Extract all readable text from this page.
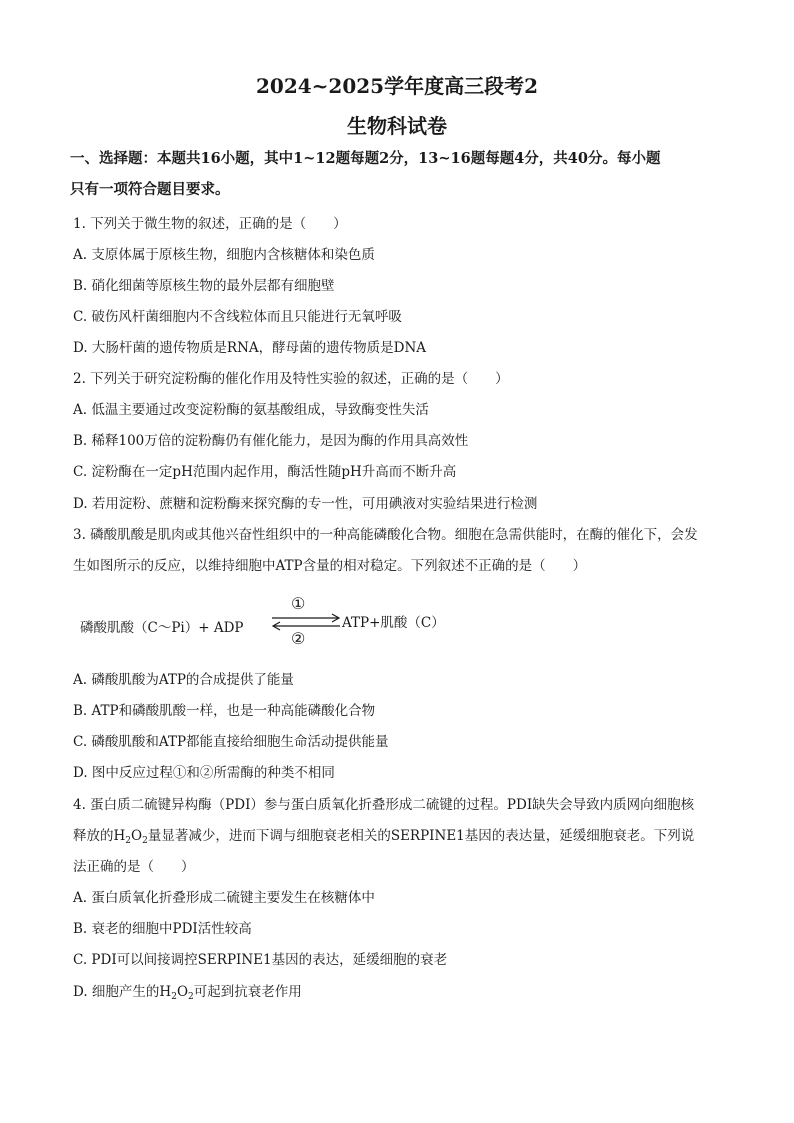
2024~2025学年度高三段考2
生物科试卷
一、选择题：本题共16小题，其中1~12题每题2分，13~16题每题4分，共40分。每小题
只有一项符合题目要求。
1. 下列关于微生物的叙述，正确的是（　　）
A. 支原体属于原核生物，细胞内含核糖体和染色质
B. 硝化细菌等原核生物的最外层都有细胞壁
C. 破伤风杆菌细胞内不含线粒体而且只能进行无氧呼吸
D. 大肠杆菌的遗传物质是RNA，酵母菌的遗传物质是DNA
2. 下列关于研究淀粉酶的催化作用及特性实验的叙述，正确的是（　　）
A. 低温主要通过改变淀粉酶的氨基酸组成，导致酶变性失活
B. 稀释100万倍的淀粉酶仍有催化能力，是因为酶的作用具高效性
C. 淀粉酶在一定pH范围内起作用，酶活性随pH升高而不断升高
D. 若用淀粉、蔗糖和淀粉酶来探究酶的专一性，可用碘液对实验结果进行检测
3. 磷酸肌酸是肌肉或其他兴奋性组织中的一种高能磷酸化合物。细胞在急需供能时，在酶的催化下，会发
生如图所示的反应，以维持细胞中ATP含量的相对稳定。下列叙述不正确的是（　　）
磷酸肌酸（C～Pi）+ ADP
①
②
ATP+肌酸（C）
A. 磷酸肌酸为ATP的合成提供了能量
B. ATP和磷酸肌酸一样，也是一种高能磷酸化合物
C. 磷酸肌酸和ATP都能直接给细胞生命活动提供能量
D. 图中反应过程①和②所需酶的种类不相同
4. 蛋白质二硫键异构酶（PDI）参与蛋白质氧化折叠形成二硫键的过程。PDI缺失会导致内质网向细胞核
释放的$H_2O_2$量显著减少，进而下调与细胞衰老相关的SERPINE1基因的表达量，延缓细胞衰老。下列说
法正确的是（　　）
A. 蛋白质氧化折叠形成二硫键主要发生在核糖体中
B. 衰老的细胞中PDI活性较高
C. PDI可以间接调控SERPINE1基因的表达，延缓细胞的衰老
D. 细胞产生的$H_2O_2$可起到抗衰老作用
